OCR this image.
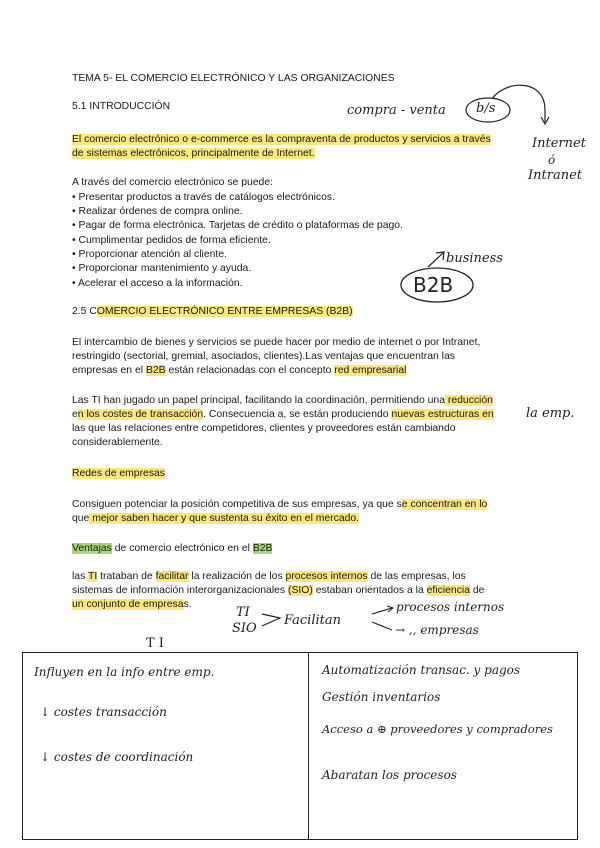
TEMA 5- EL COMERCIO ELECTRÓNICO Y LAS ORGANIZACIONES
5.1 INTRODUCCIÓN
El comercio electrónico o e-commerce es la compraventa de productos y servicios a través
de sistemas electrónicos, principalmente de Internet.
A través del comercio electrónico se puede:
• Presentar productos a través de catálogos electrónicos.
• Realizar órdenes de compra online.
• Pagar de forma electrónica. Tarjetas de crédito o plataformas de pago.
• Cumplimentar pedidos de forma eficiente.
• Proporcionar atención al cliente.
• Proporcionar mantenimiento y ayuda.
• Acelerar el acceso a la información.
2.5 COMERCIO ELECTRÓNICO ENTRE EMPRESAS (B2B)
El intercambio de bienes y servicios se puede hacer por medio de internet o por Intranet,
restringido (sectorial, gremial, asociados, clientes).Las ventajas que encuentran las
empresas en el B2B están relacionadas con el concepto red empresarial
Las TI han jugado un papel principal, facilitando la coordinación, permitiendo una reducción
en los costes de transacción. Consecuencia a, se están produciendo nuevas estructuras en
las que las relaciones entre competidores, clientes y proveedores están cambiando
considerablemente.
Redes de empresas
Consiguen potenciar la posición competitiva de sus empresas, ya que se concentran en lo
que mejor saben hacer y que sustenta su éxito en el mercado.
Ventajas de comercio electrónico en el B2B
las TI trataban de facilitar la realización de los procesos internos de las empresas, los
sistemas de información interorganizacionales (SIO) estaban orientados a la eficiencia de
un conjunto de empresas.
compra - venta b/s
Internet
ó
Intranet
business
B2B
la emp.
TI
SIO
Facilitan
procesos internos
→ ,, empresas
T I
Influyen en la info entre emp.
↓ costes transacción
↓ costes de coordinación
Automatización transac. y pagos
Gestión inventarios
Acceso a ⊕ proveedores y compradores
Abaratan los procesos
